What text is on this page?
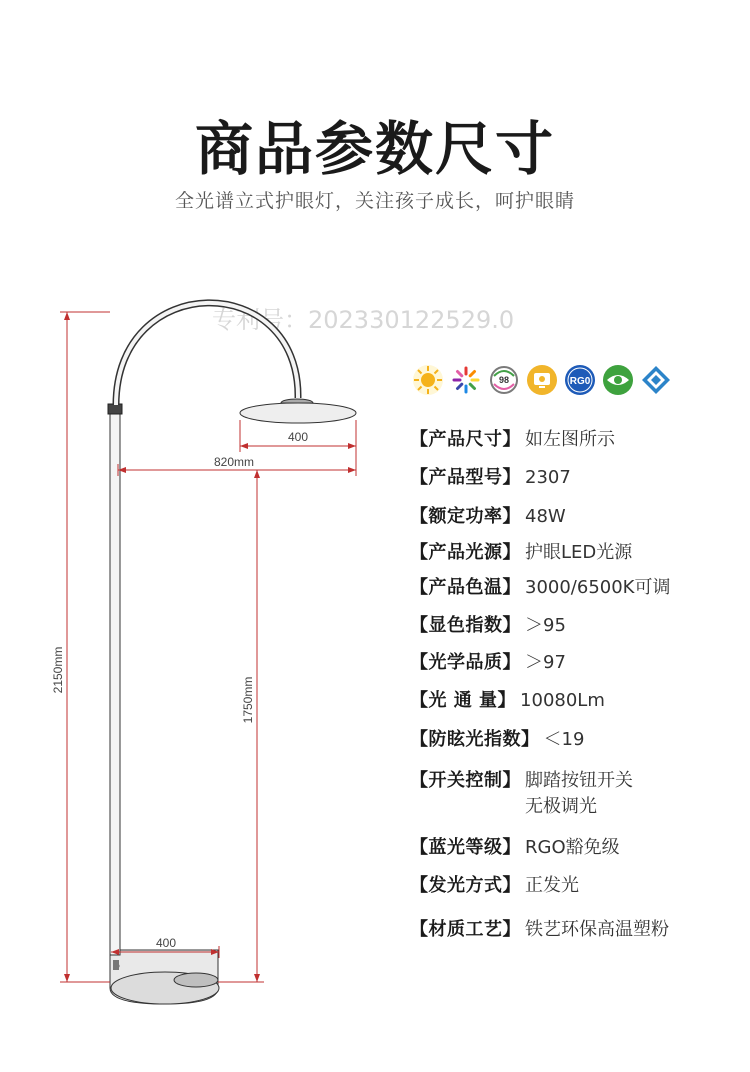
商品参数尺寸
全光谱立式护眼灯，关注孩子成长，呵护眼睛
专利号：202330122529.0
2150mm
1750mm
820mm
400
400
98	RG0
【产品尺寸】 如左图所示
【产品型号】 2307
【额定功率】 48W
【产品光源】 护眼LED光源
【产品色温】 3000/6500K可调
【显色指数】 ＞95
【光学品质】 ＞97
【光 通 量】 10080Lm
【防眩光指数】 ＜19
【开关控制】 脚踏按钮开关
无极调光
【蓝光等级】 RGO豁免级
【发光方式】 正发光
【材质工艺】 铁艺环保高温塑粉
